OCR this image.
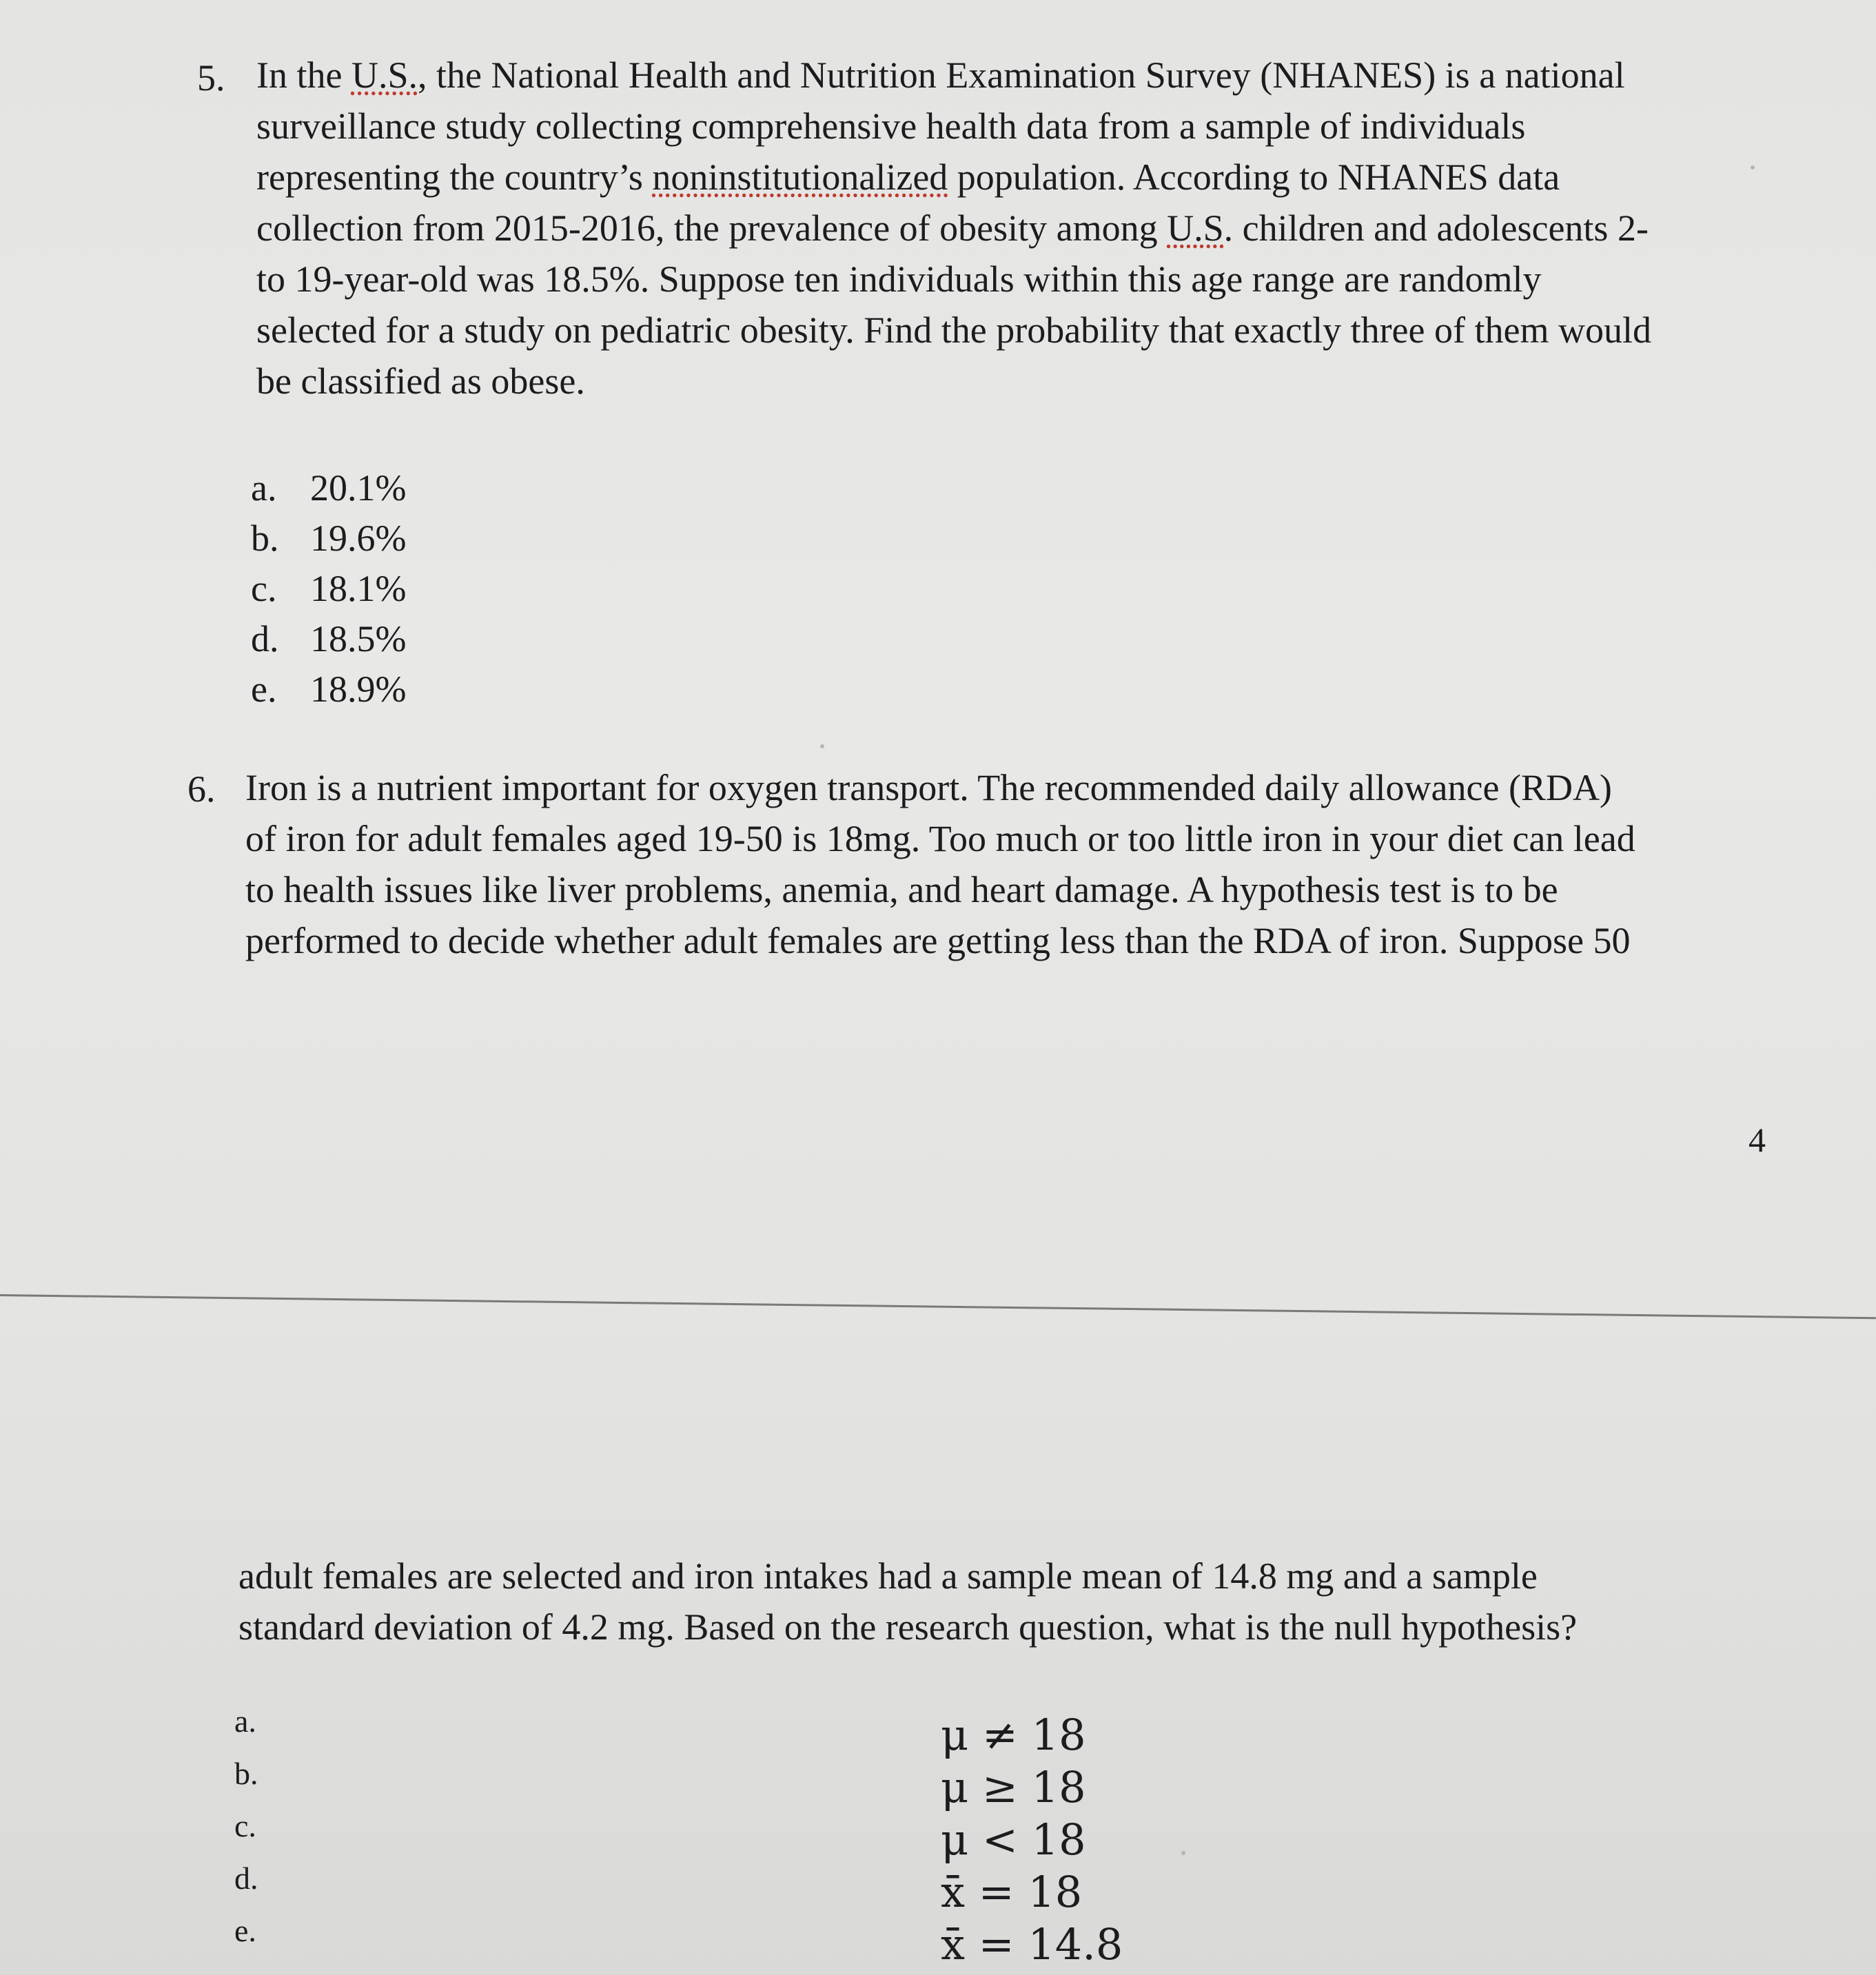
5. In the U.S., the National Health and Nutrition Examination Survey (NHANES) is a national
surveillance study collecting comprehensive health data from a sample of individuals
representing the country’s noninstitutionalized population. According to NHANES data
collection from 2015-2016, the prevalence of obesity among U.S. children and adolescents 2-
to 19-year-old was 18.5%. Suppose ten individuals within this age range are randomly
selected for a study on pediatric obesity. Find the probability that exactly three of them would
be classified as obese.
a. 20.1%
b. 19.6%
c. 18.1%
d. 18.5%
e. 18.9%
6. Iron is a nutrient important for oxygen transport. The recommended daily allowance (RDA)
of iron for adult females aged 19-50 is 18mg. Too much or too little iron in your diet can lead
to health issues like liver problems, anemia, and heart damage. A hypothesis test is to be
performed to decide whether adult females are getting less than the RDA of iron. Suppose 50
4
adult females are selected and iron intakes had a sample mean of 14.8 mg and a sample
standard deviation of 4.2 mg. Based on the research question, what is the null hypothesis?
a.
b.
c.
d.
e.
μ ≠ 18
μ ≥ 18
μ < 18
x̄ = 18
x̄ = 14.8
